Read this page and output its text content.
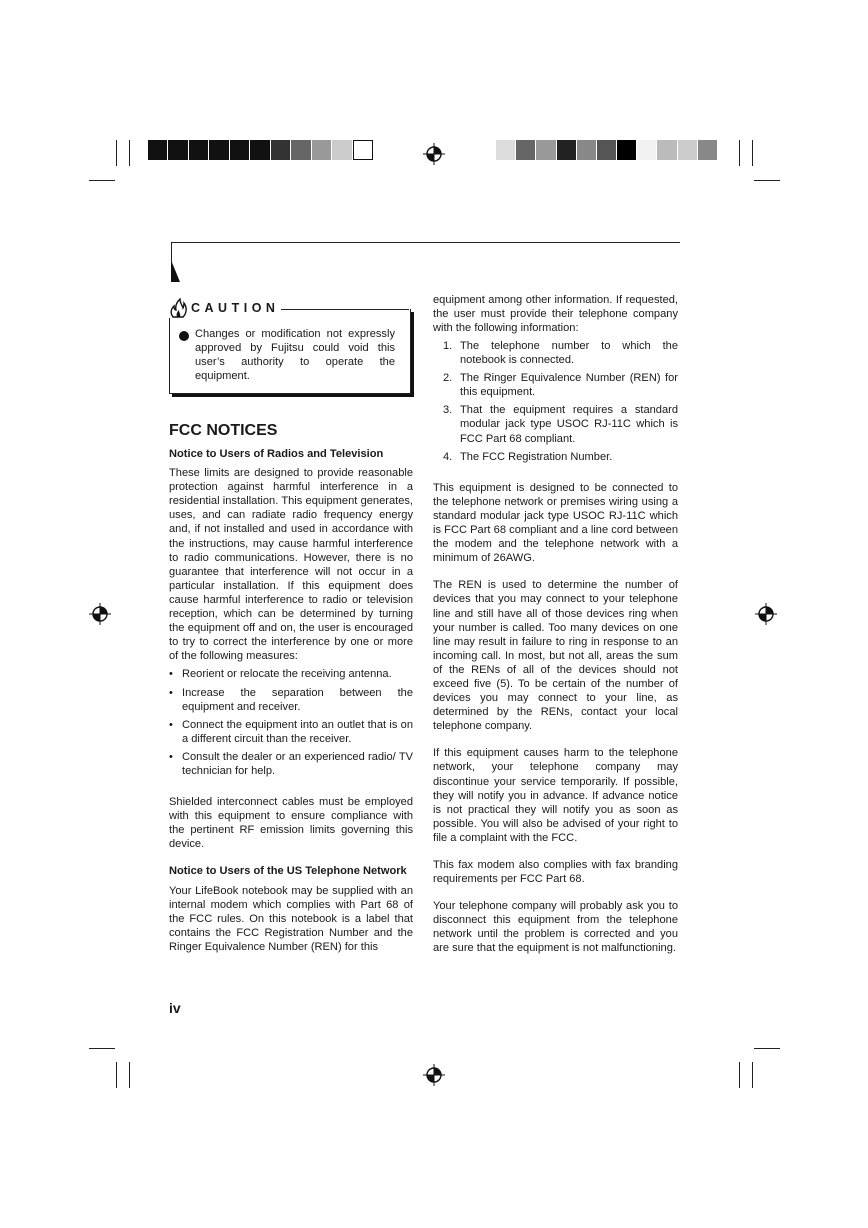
CAUTION
Changes or modification not expressly approved by Fujitsu could void this user’s authority to operate the equipment.
FCC NOTICES
Notice to Users of Radios and Television

These limits are designed to provide reasonable protection against harmful interference in a residential installation. This equipment generates, uses, and can radiate radio frequency energy and, if not installed and used in accordance with the instructions, may cause harmful interference to radio communications. However, there is no guarantee that interference will not occur in a particular installation. If this equipment does cause harmful interference to radio or television reception, which can be determined by turning the equipment off and on, the user is encouraged to try to correct the interference by one or more of the following measures:

• Reorient or relocate the receiving antenna.
• Increase the separation between the equipment and receiver.
• Connect the equipment into an outlet that is on a different circuit than the receiver.
• Consult the dealer or an experienced radio/ TV technician for help.

Shielded interconnect cables must be employed with this equipment to ensure compliance with the pertinent RF emission limits governing this device.

Notice to Users of the US Telephone Network

Your LifeBook notebook may be supplied with an internal modem which complies with Part 68 of the FCC rules. On this notebook is a label that contains the FCC Registration Number and the Ringer Equivalence Number (REN) for this

equipment among other information. If requested, the user must provide their telephone company with the following information:

1. The telephone number to which the notebook is connected.
2. The Ringer Equivalence Number (REN) for this equipment.
3. That the equipment requires a standard modular jack type USOC RJ-11C which is FCC Part 68 compliant.
4. The FCC Registration Number.

This equipment is designed to be connected to the telephone network or premises wiring using a standard modular jack type USOC RJ-11C which is FCC Part 68 compliant and a line cord between the modem and the telephone network with a minimum of 26AWG.

The REN is used to determine the number of devices that you may connect to your telephone line and still have all of those devices ring when your number is called. Too many devices on one line may result in failure to ring in response to an incoming call. In most, but not all, areas the sum of the RENs of all of the devices should not exceed five (5). To be certain of the number of devices you may connect to your line, as determined by the RENs, contact your local telephone company.

If this equipment causes harm to the telephone network, your telephone company may discontinue your service temporarily. If possible, they will notify you in advance. If advance notice is not practical they will notify you as soon as possible. You will also be advised of your right to file a complaint with the FCC.

This fax modem also complies with fax branding requirements per FCC Part 68.

Your telephone company will probably ask you to disconnect this equipment from the telephone network until the problem is corrected and you are sure that the equipment is not malfunctioning.

iv
